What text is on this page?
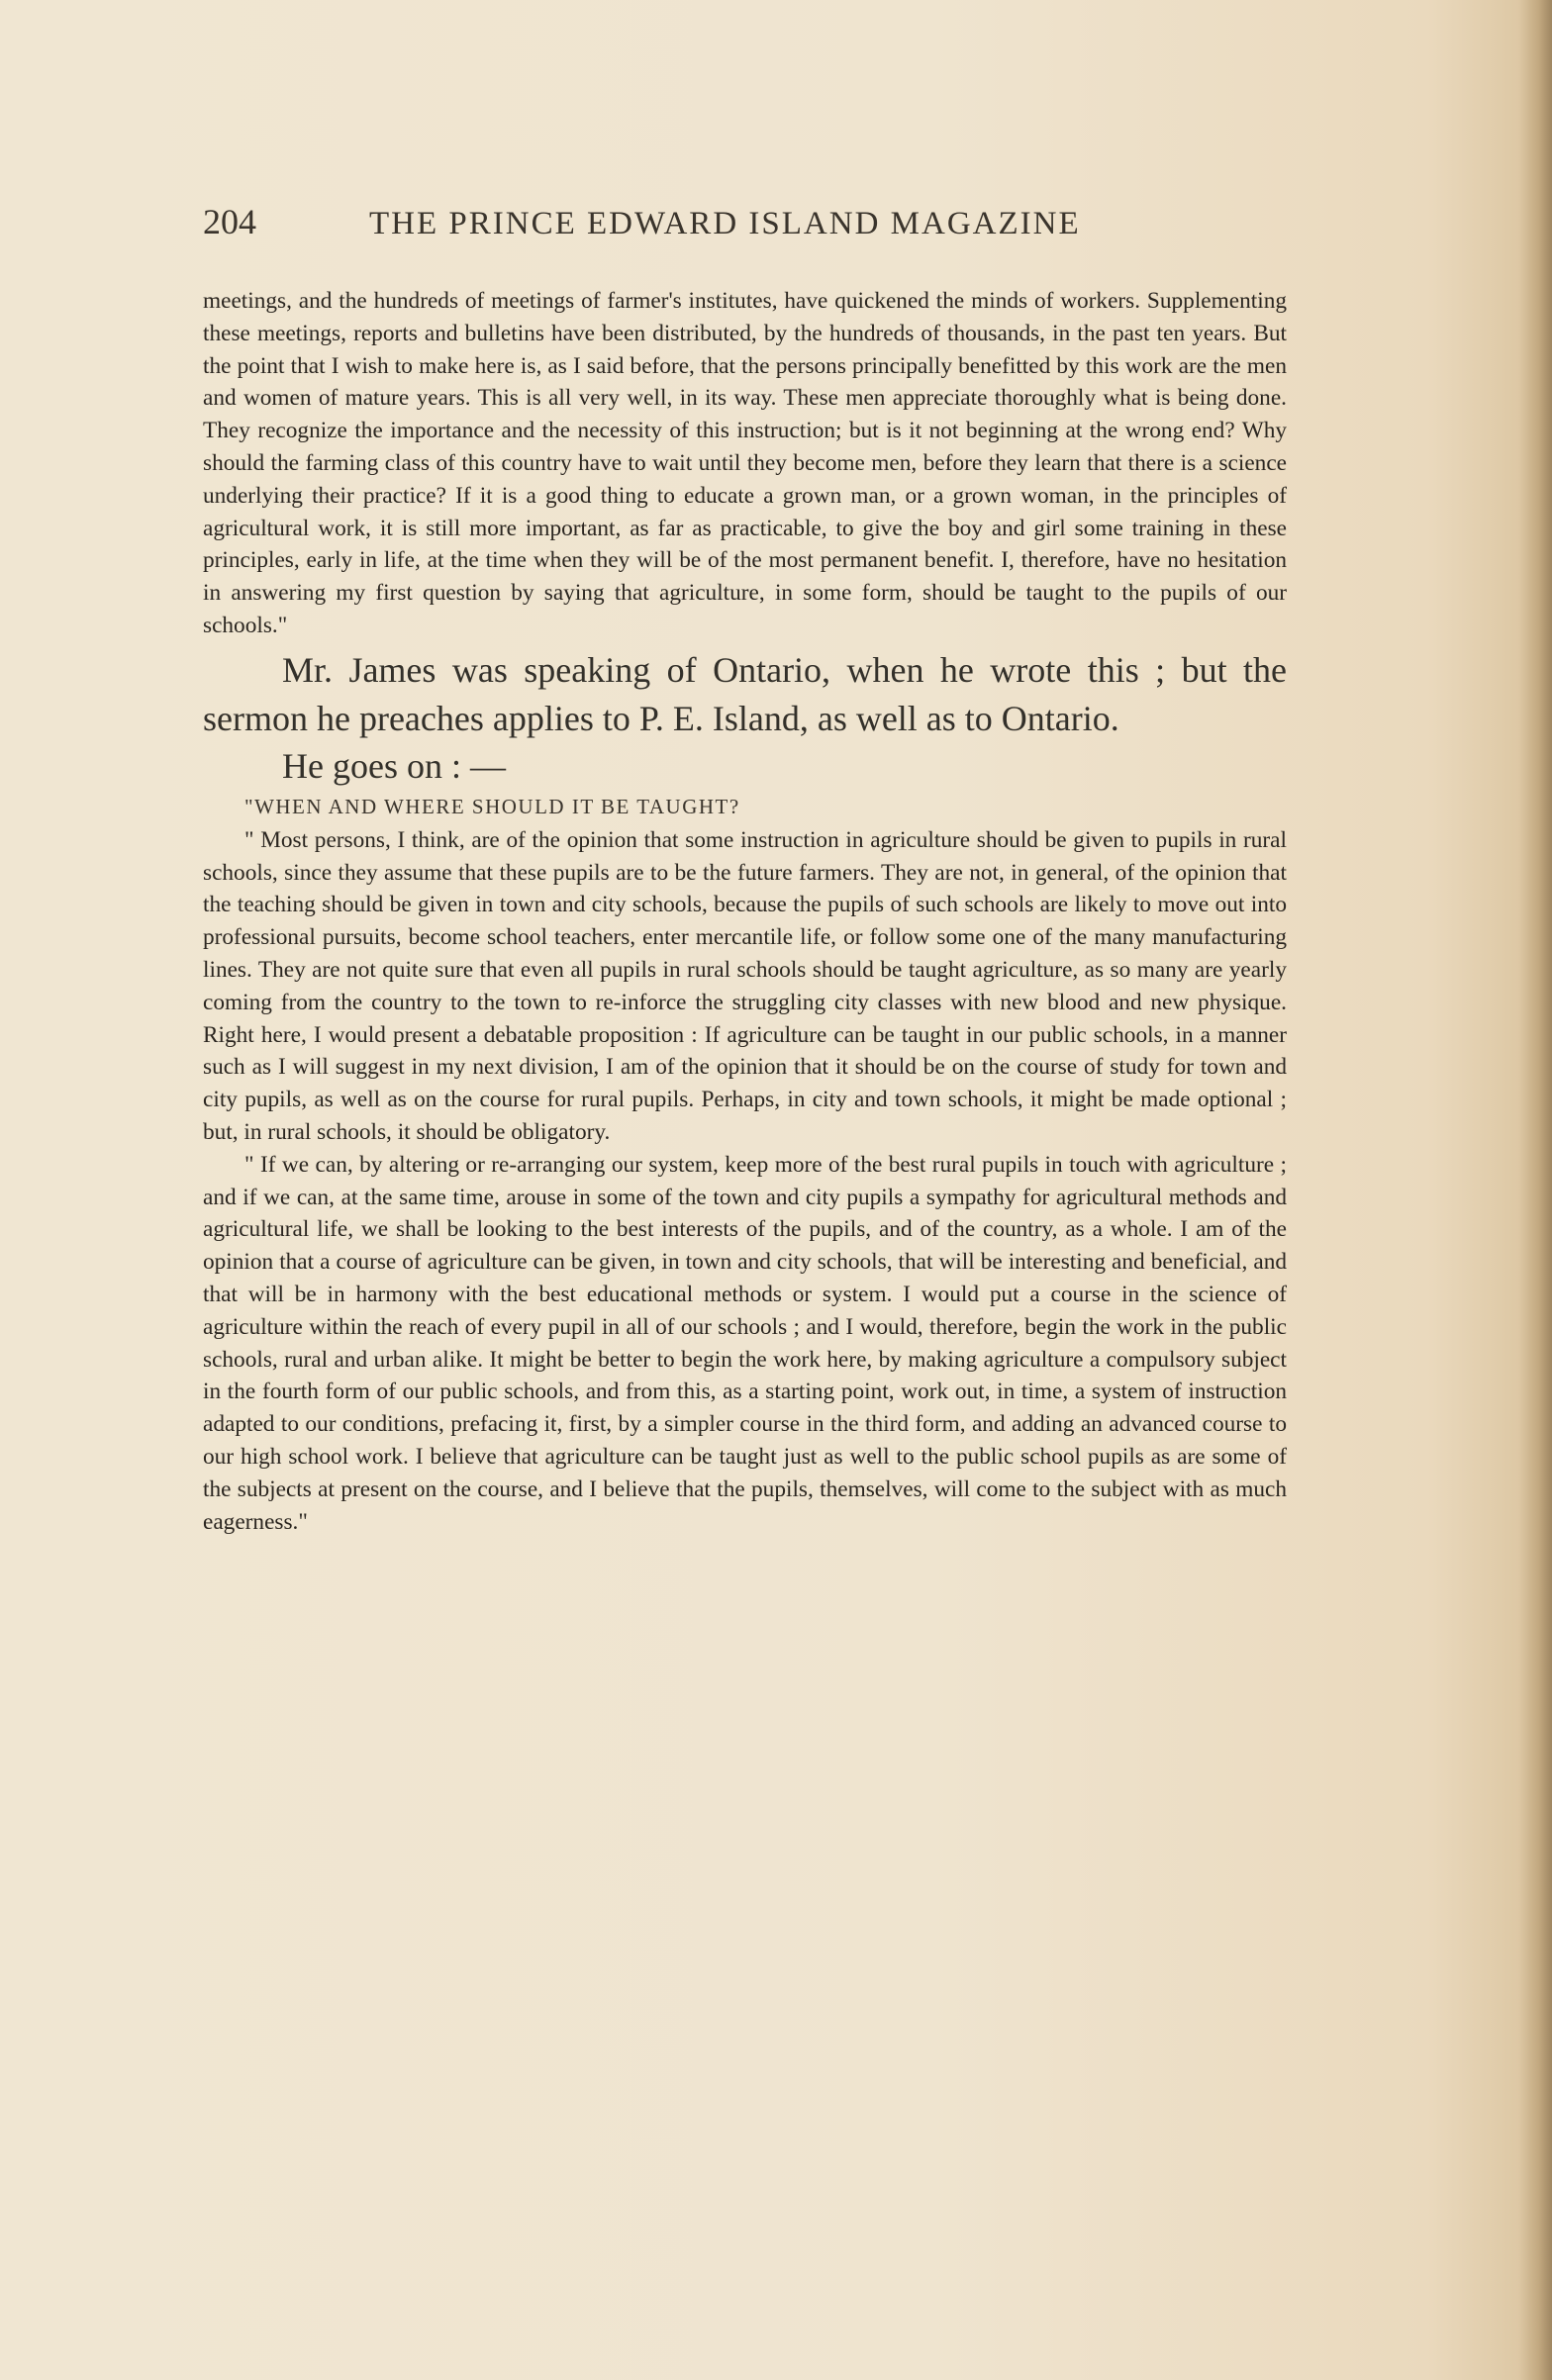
204	THE PRINCE EDWARD ISLAND MAGAZINE

meetings, and the hundreds of meetings of farmer's institutes, have quickened the minds of workers. Supplementing these meetings, reports and bulletins have been distributed, by the hundreds of thousands, in the past ten years. But the point that I wish to make here is, as I said before, that the persons principally benefitted by this work are the men and women of mature years. This is all very well, in its way. These men appreciate thoroughly what is being done. They recognize the importance and the necessity of this instruction; but is it not beginning at the wrong end? Why should the farming class of this country have to wait until they become men, before they learn that there is a science underlying their practice? If it is a good thing to educate a grown man, or a grown woman, in the principles of agricultural work, it is still more important, as far as practicable, to give the boy and girl some training in these principles, early in life, at the time when they will be of the most permanent benefit. I, therefore, have no hesitation in answering my first question by saying that agriculture, in some form, should be taught to the pupils of our schools."

Mr. James was speaking of Ontario, when he wrote this ; but the sermon he preaches applies to P. E. Island, as well as to Ontario.

He goes on : —

"WHEN AND WHERE SHOULD IT BE TAUGHT?

" Most persons, I think, are of the opinion that some instruction in agriculture should be given to pupils in rural schools, since they assume that these pupils are to be the future farmers. They are not, in general, of the opinion that the teaching should be given in town and city schools, because the pupils of such schools are likely to move out into professional pursuits, become school teachers, enter mercantile life, or follow some one of the many manufacturing lines. They are not quite sure that even all pupils in rural schools should be taught agriculture, as so many are yearly coming from the country to the town to re-inforce the struggling city classes with new blood and new physique. Right here, I would present a debatable proposition : If agriculture can be taught in our public schools, in a manner such as I will suggest in my next division, I am of the opinion that it should be on the course of study for town and city pupils, as well as on the course for rural pupils. Perhaps, in city and town schools, it might be made optional ; but, in rural schools, it should be obligatory.

" If we can, by altering or re-arranging our system, keep more of the best rural pupils in touch with agriculture ; and if we can, at the same time, arouse in some of the town and city pupils a sympathy for agricultural methods and agricultural life, we shall be looking to the best interests of the pupils, and of the country, as a whole. I am of the opinion that a course of agriculture can be given, in town and city schools, that will be interesting and beneficial, and that will be in harmony with the best educational methods or system. I would put a course in the science of agriculture within the reach of every pupil in all of our schools ; and I would, therefore, begin the work in the public schools, rural and urban alike. It might be better to begin the work here, by making agriculture a compulsory subject in the fourth form of our public schools, and from this, as a starting point, work out, in time, a system of instruction adapted to our conditions, prefacing it, first, by a simpler course in the third form, and adding an advanced course to our high school work. I believe that agriculture can be taught just as well to the public school pupils as are some of the subjects at present on the course, and I believe that the pupils, themselves, will come to the subject with as much eagerness."
